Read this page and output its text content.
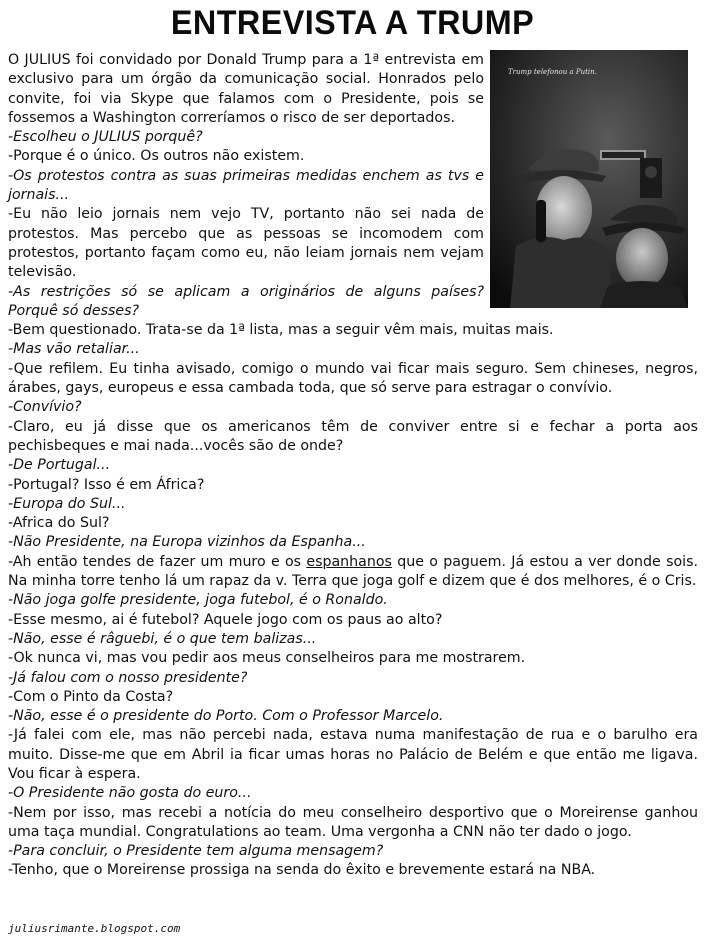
ENTREVISTA A TRUMP
Trump telefonou a Putin.
O JULIUS foi convidado por Donald Trump para a 1ª entrevista em exclusivo para um órgão da comunicação social. Honrados pelo convite, foi via Skype que falamos com o Presidente, pois se fossemos a Washington correríamos o risco de ser deportados.
-Escolheu o JULIUS porquê?
-Porque é o único. Os outros não existem.
-Os protestos contra as suas primeiras medidas enchem as tvs e jornais...
-Eu não leio jornais nem vejo TV, portanto não sei nada de protestos. Mas percebo que as pessoas se incomodem com protestos, portanto façam como eu, não leiam jornais nem vejam televisão.
-As restrições só se aplicam a originários de alguns países? Porquê só desses?
-Bem questionado. Trata-se da 1ª lista, mas a seguir vêm mais, muitas mais.
-Mas vão retaliar...
-Que refilem. Eu tinha avisado, comigo o mundo vai ficar mais seguro. Sem chineses, negros, árabes, gays, europeus e essa cambada toda, que só serve para estragar o convívio.
-Convívio?
-Claro, eu já disse que os americanos têm de conviver entre si e fechar a porta aos pechisbeques e mai nada...vocês são de onde?
-De Portugal...
-Portugal? Isso é em África?
-Europa do Sul...
-Africa do Sul?
-Não Presidente, na Europa vizinhos da Espanha...
-Ah então tendes de fazer um muro e os espanhanos que o paguem. Já estou a ver donde sois. Na minha torre tenho lá um rapaz da v. Terra que joga golf e dizem que é dos melhores, é o Cris.
-Não joga golfe presidente, joga futebol, é o Ronaldo.
-Esse mesmo, ai é futebol? Aquele jogo com os paus ao alto?
-Não, esse é râguebi, é o que tem balizas...
-Ok nunca vi, mas vou pedir aos meus conselheiros para me mostrarem.
-Já falou com o nosso presidente?
-Com o Pinto da Costa?
-Não, esse é o presidente do Porto. Com o Professor Marcelo.
-Já falei com ele, mas não percebi nada, estava numa manifestação de rua e o barulho era muito. Disse-me que em Abril ia ficar umas horas no Palácio de Belém e que então me ligava. Vou ficar à espera.
-O Presidente não gosta do euro...
-Nem por isso, mas recebi a notícia do meu conselheiro desportivo que o Moreirense ganhou uma taça mundial. Congratulations ao team. Uma vergonha a CNN não ter dado o jogo.
-Para concluir, o Presidente tem alguma mensagem?
-Tenho, que o Moreirense prossiga na senda do êxito e brevemente estará na NBA.
juliusrimante.blogspot.com
